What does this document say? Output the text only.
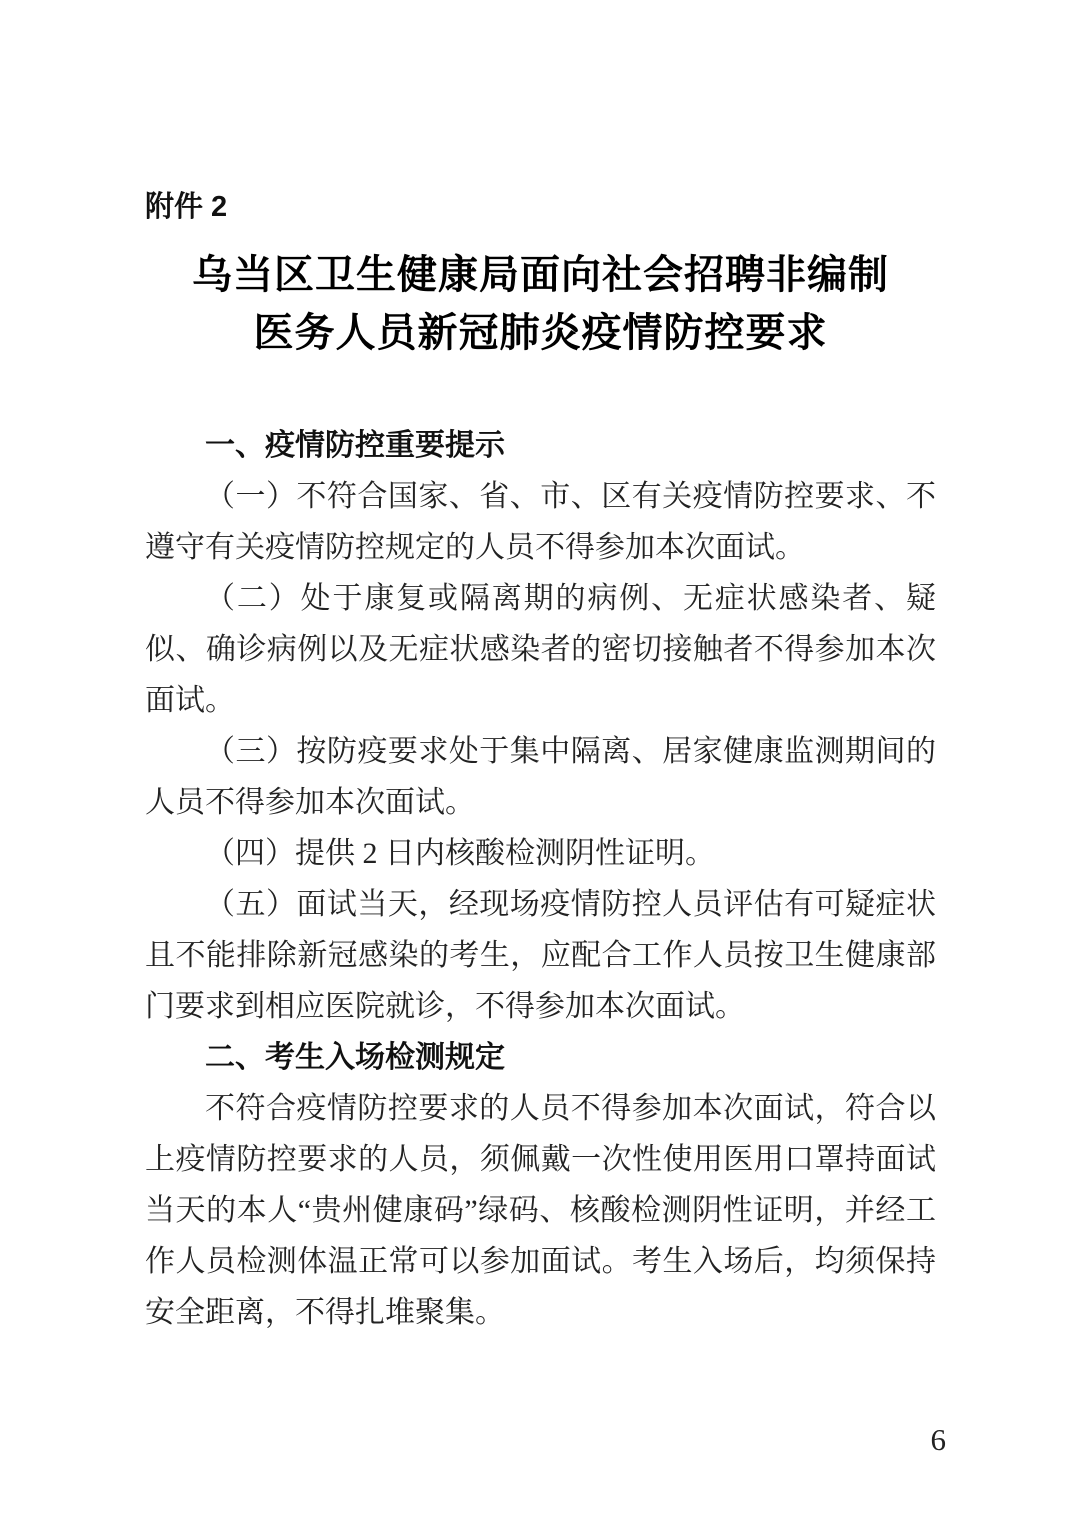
附件 2
乌当区卫生健康局面向社会招聘非编制
医务人员新冠肺炎疫情防控要求
一、疫情防控重要提示

（一）不符合国家、省、市、区有关疫情防控要求、不遵守有关疫情防控规定的人员不得参加本次面试。

（二）处于康复或隔离期的病例、无症状感染者、疑似、确诊病例以及无症状感染者的密切接触者不得参加本次面试。

（三）按防疫要求处于集中隔离、居家健康监测期间的人员不得参加本次面试。

（四）提供 2 日内核酸检测阴性证明。

（五）面试当天，经现场疫情防控人员评估有可疑症状且不能排除新冠感染的考生，应配合工作人员按卫生健康部门要求到相应医院就诊，不得参加本次面试。

二、考生入场检测规定

不符合疫情防控要求的人员不得参加本次面试，符合以上疫情防控要求的人员，须佩戴一次性使用医用口罩持面试当天的本人“贵州健康码”绿码、核酸检测阴性证明，并经工作人员检测体温正常可以参加面试。考生入场后，均须保持安全距离，不得扎堆聚集。

6
